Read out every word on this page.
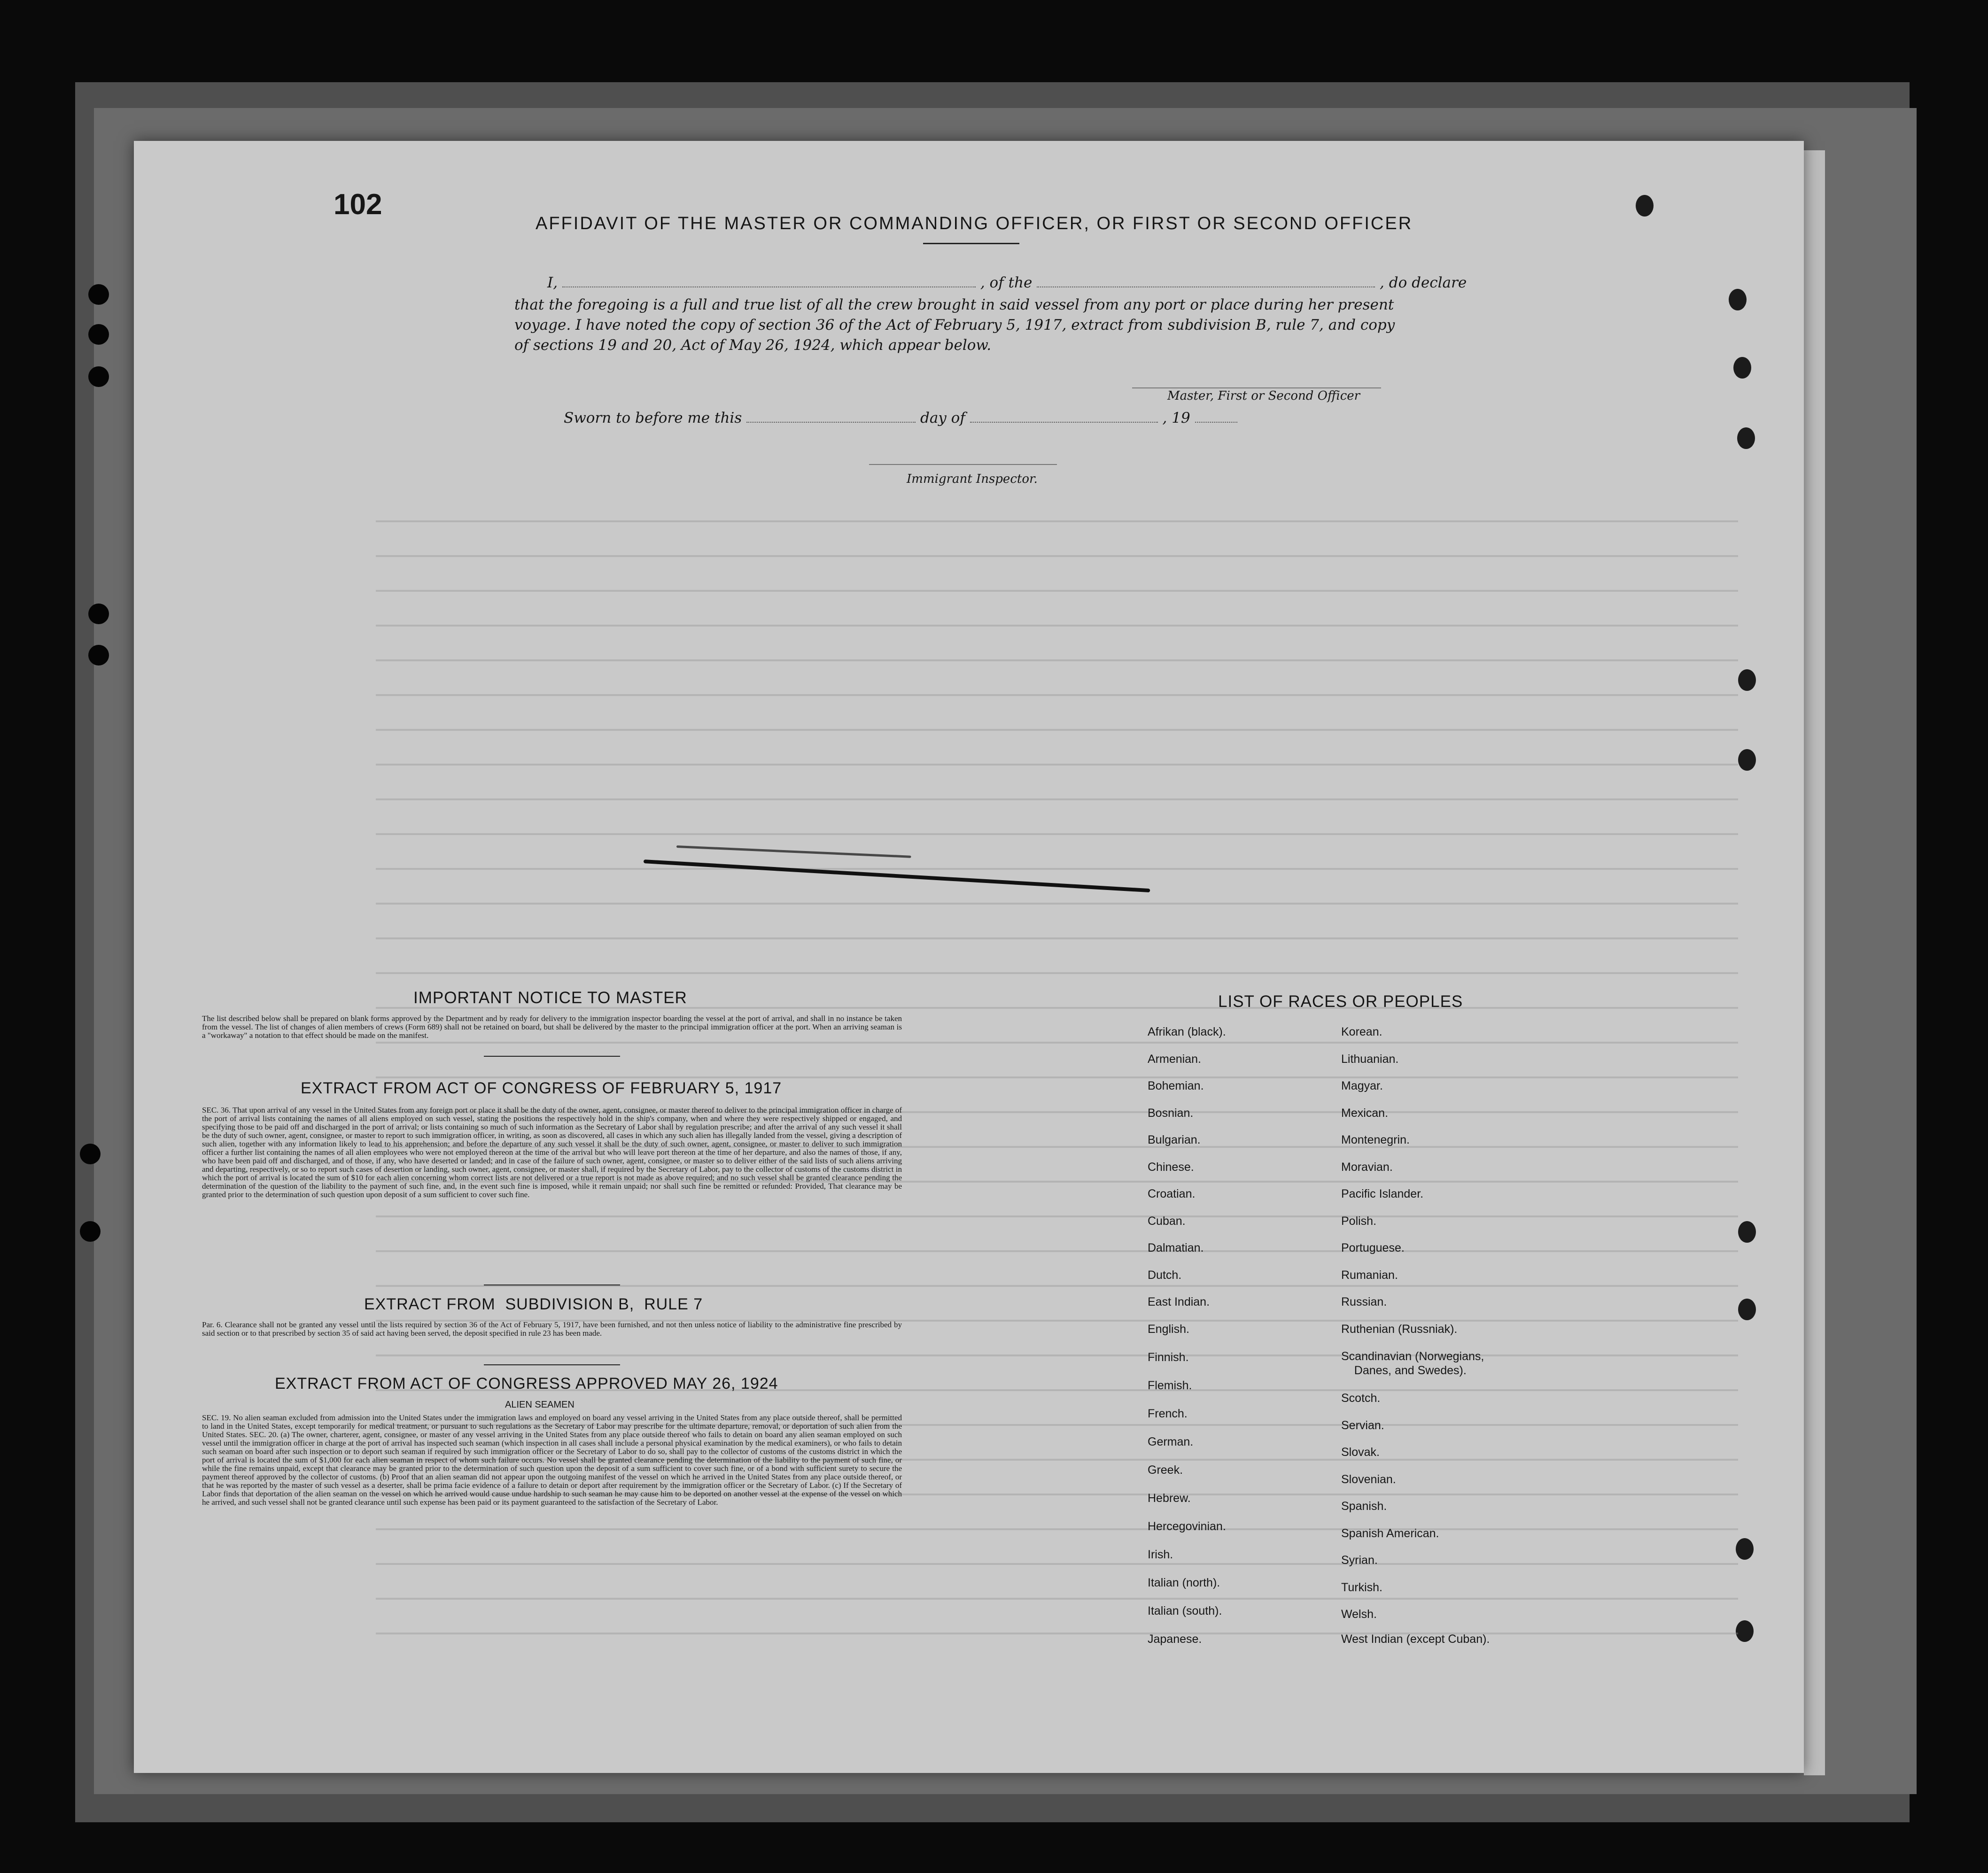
102
AFFIDAVIT OF THE MASTER OR COMMANDING OFFICER, OR FIRST OR SECOND OFFICER
I,	, of the	, do declare
that the foregoing is a full and true list of all the crew brought in said vessel from any port or place during her present
voyage. I have noted the copy of section 36 of the Act of February 5, 1917, extract from subdivision B, rule 7, and copy
of sections 19 and 20, Act of May 26, 1924, which appear below.
Master, First or Second Officer
Sworn to before me this	day of	, 19
Immigrant Inspector.
IMPORTANT NOTICE TO MASTER
The list described below shall be prepared on blank forms approved by the Department and by ready for delivery to the immigration inspector boarding the vessel at the port of arrival, and shall in no instance be taken from the vessel. The list of changes of alien members of crews (Form 689) shall not be retained on board, but shall be delivered by the master to the principal immigration officer at the port. When an arriving seaman is a "workaway" a notation to that effect should be made on the manifest.
EXTRACT FROM ACT OF CONGRESS OF FEBRUARY 5, 1917
SEC. 36. That upon arrival of any vessel in the United States from any foreign port or place it shall be the duty of the owner, agent, consignee, or master thereof to deliver to the principal immigration officer in charge of the port of arrival lists containing the names of all aliens employed on such vessel, stating the positions the respectively hold in the ship's company, when and where they were respectively shipped or engaged, and specifying those to be paid off and discharged in the port of arrival; or lists containing so much of such information as the Secretary of Labor shall by regulation prescribe; and after the arrival of any such vessel it shall be the duty of such owner, agent, consignee, or master to report to such immigration officer, in writing, as soon as discovered, all cases in which any such alien has illegally landed from the vessel, giving a description of such alien, together with any information likely to lead to his apprehension; and before the departure of any such vessel it shall be the duty of such owner, agent, consignee, or master to deliver to such immigration officer a further list containing the names of all alien employees who were not employed thereon at the time of the arrival but who will leave port thereon at the time of her departure, and also the names of those, if any, who have been paid off and discharged, and of those, if any, who have deserted or landed; and in case of the failure of such owner, agent, consignee, or master so to deliver either of the said lists of such aliens arriving and departing, respectively, or so to report such cases of desertion or landing, such owner, agent, consignee, or master shall, if required by the Secretary of Labor, pay to the collector of customs of the customs district in which the port of arrival is located the sum of $10 for each alien concerning whom correct lists are not delivered or a true report is not made as above required; and no such vessel shall be granted clearance pending the determination of the question of the liability to the payment of such fine, and, in the event such fine is imposed, while it remain unpaid; nor shall such fine be remitted or refunded: Provided, That clearance may be granted prior to the determination of such question upon deposit of a sum sufficient to cover such fine.
EXTRACT FROM  SUBDIVISION B,  RULE 7
Par. 6. Clearance shall not be granted any vessel until the lists required by section 36 of the Act of February 5, 1917, have been furnished, and not then unless notice of liability to the administrative fine prescribed by said section or to that prescribed by section 35 of said act having been served, the deposit specified in rule 23 has been made.
EXTRACT FROM ACT OF CONGRESS APPROVED MAY 26, 1924
ALIEN SEAMEN
SEC. 19. No alien seaman excluded from admission into the United States under the immigration laws and employed on board any vessel arriving in the United States from any place outside thereof, shall be permitted to land in the United States, except temporarily for medical treatment, or pursuant to such regulations as the Secretary of Labor may prescribe for the ultimate departure, removal, or deportation of such alien from the United States. SEC. 20. (a) The owner, charterer, agent, consignee, or master of any vessel arriving in the United States from any place outside thereof who fails to detain on board any alien seaman employed on such vessel until the immigration officer in charge at the port of arrival has inspected such seaman (which inspection in all cases shall include a personal physical examination by the medical examiners), or who fails to detain such seaman on board after such inspection or to deport such seaman if required by such immigration officer or the Secretary of Labor to do so, shall pay to the collector of customs of the customs district in which the port of arrival is located the sum of $1,000 for each alien seaman in respect of whom such failure occurs. No vessel shall be granted clearance pending the determination of the liability to the payment of such fine, or while the fine remains unpaid, except that clearance may be granted prior to the determination of such question upon the deposit of a sum sufficient to cover such fine, or of a bond with sufficient surety to secure the payment thereof approved by the collector of customs. (b) Proof that an alien seaman did not appear upon the outgoing manifest of the vessel on which he arrived in the United States from any place outside thereof, or that he was reported by the master of such vessel as a deserter, shall be prima facie evidence of a failure to detain or deport after requirement by the immigration officer or the Secretary of Labor. (c) If the Secretary of Labor finds that deportation of the alien seaman on the vessel on which he arrived would cause undue hardship to such seaman he may cause him to be deported on another vessel at the expense of the vessel on which he arrived, and such vessel shall not be granted clearance until such expense has been paid or its payment guaranteed to the satisfaction of the Secretary of Labor.
LIST OF RACES OR PEOPLES
Afrikan (black).
Armenian.
Bohemian.
Bosnian.
Bulgarian.
Chinese.
Croatian.
Cuban.
Dalmatian.
Dutch.
East Indian.
English.
Finnish.
Flemish.
French.
German.
Greek.
Hebrew.
Hercegovinian.
Irish.
Italian (north).
Italian (south).
Japanese.
Korean.
Lithuanian.
Magyar.
Mexican.
Montenegrin.
Moravian.
Pacific Islander.
Polish.
Portuguese.
Rumanian.
Russian.
Ruthenian (Russniak).
Scandinavian (Norwegians,
Danes, and Swedes).
Scotch.
Servian.
Slovak.
Slovenian.
Spanish.
Spanish American.
Syrian.
Turkish.
Welsh.
West Indian (except Cuban).
